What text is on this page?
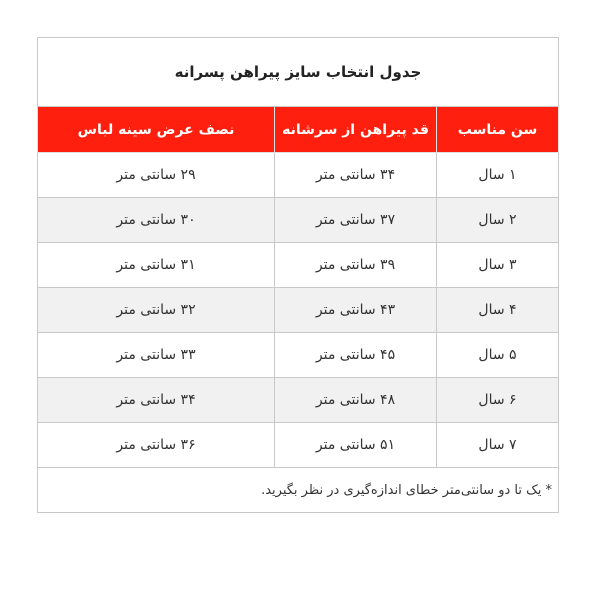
جدول انتخاب سایز پیراهن پسرانه		
سن مناسب	قد پیراهن از سرشانه	نصف عرض سینه لباس
۱ سال	۳۴ سانتی متر	۲۹ سانتی متر
۲ سال	۳۷ سانتی متر	۳۰ سانتی متر
۳ سال	۳۹ سانتی متر	۳۱ سانتی متر
۴ سال	۴۳ سانتی متر	۳۲ سانتی متر
۵ سال	۴۵ سانتی متر	۳۳ سانتی متر
۶ سال	۴۸ سانتی متر	۳۴ سانتی متر
۷ سال	۵۱ سانتی متر	۳۶ سانتی متر
* یک تا دو سانتی‌متر خطای اندازه‌گیری در نظر بگیرید.		
